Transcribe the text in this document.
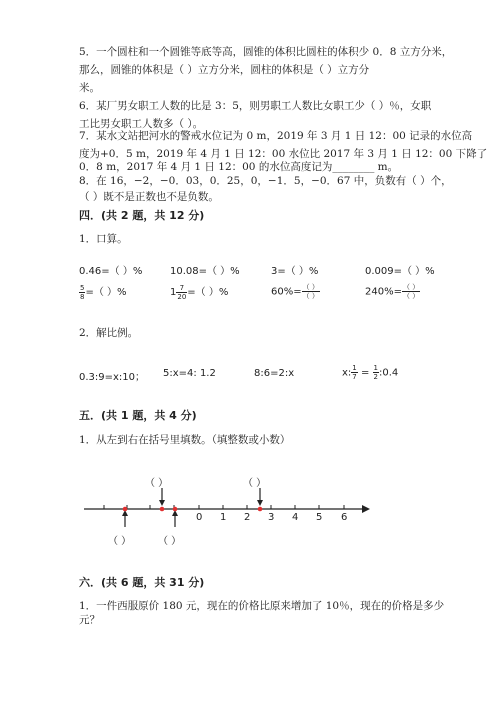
5．一个圆柱和一个圆锥等底等高，圆锥的体积比圆柱的体积少 0．8 立方分米，
那么，圆锥的体积是（ ）立方分米，圆柱的体积是（ ）立方分
米。
6．某厂男女职工人数的比是 3：5，则男职工人数比女职工少（ ）％，女职
工比男女职工人数多（ ）。
7．某水文站把河水的警戒水位记为 0 m，2019 年 3 月 1 日 12：00 记录的水位高
度为+0．5 m，2019 年 4 月 1 日 12：00 水位比 2017 年 3 月 1 日 12：00 下降了
0．8 m，2017 年 4 月 1 日 12：00 的水位高度记为________ m。
8．在 16，−2，−0．03，0．25，0，−1．5，−0．67 中，负数有（ ）个，
（ ）既不是正数也不是负数。
四．(共 2 题，共 12 分)
1．口算。
0.46=（ ）%	10.08=（ ）%	3=（ ）%	0.009=（ ）%
$\frac{5}{8}$ =（ ）%	$1 \frac{7}{20}$ =（ ）%	$60\%= \frac{( )}{( )}$	$240\%= \frac{( )}{( )}$
2．解比例。
0.3:9=x:10； 5:x=4: 1.2	8:6=2:x	x: $\frac{1}{7} = \frac{1}{2}$ :0.4
五．(共 1 题，共 4 分)
1．从左到右在括号里填数。（填整数或小数）
0 1 2 3 4 5 6
（ ）	（ ）
（ ）	（ ）
六．(共 6 题，共 31 分)
1．一件西服原价 180 元，现在的价格比原来增加了 10％，现在的价格是多少
元？
